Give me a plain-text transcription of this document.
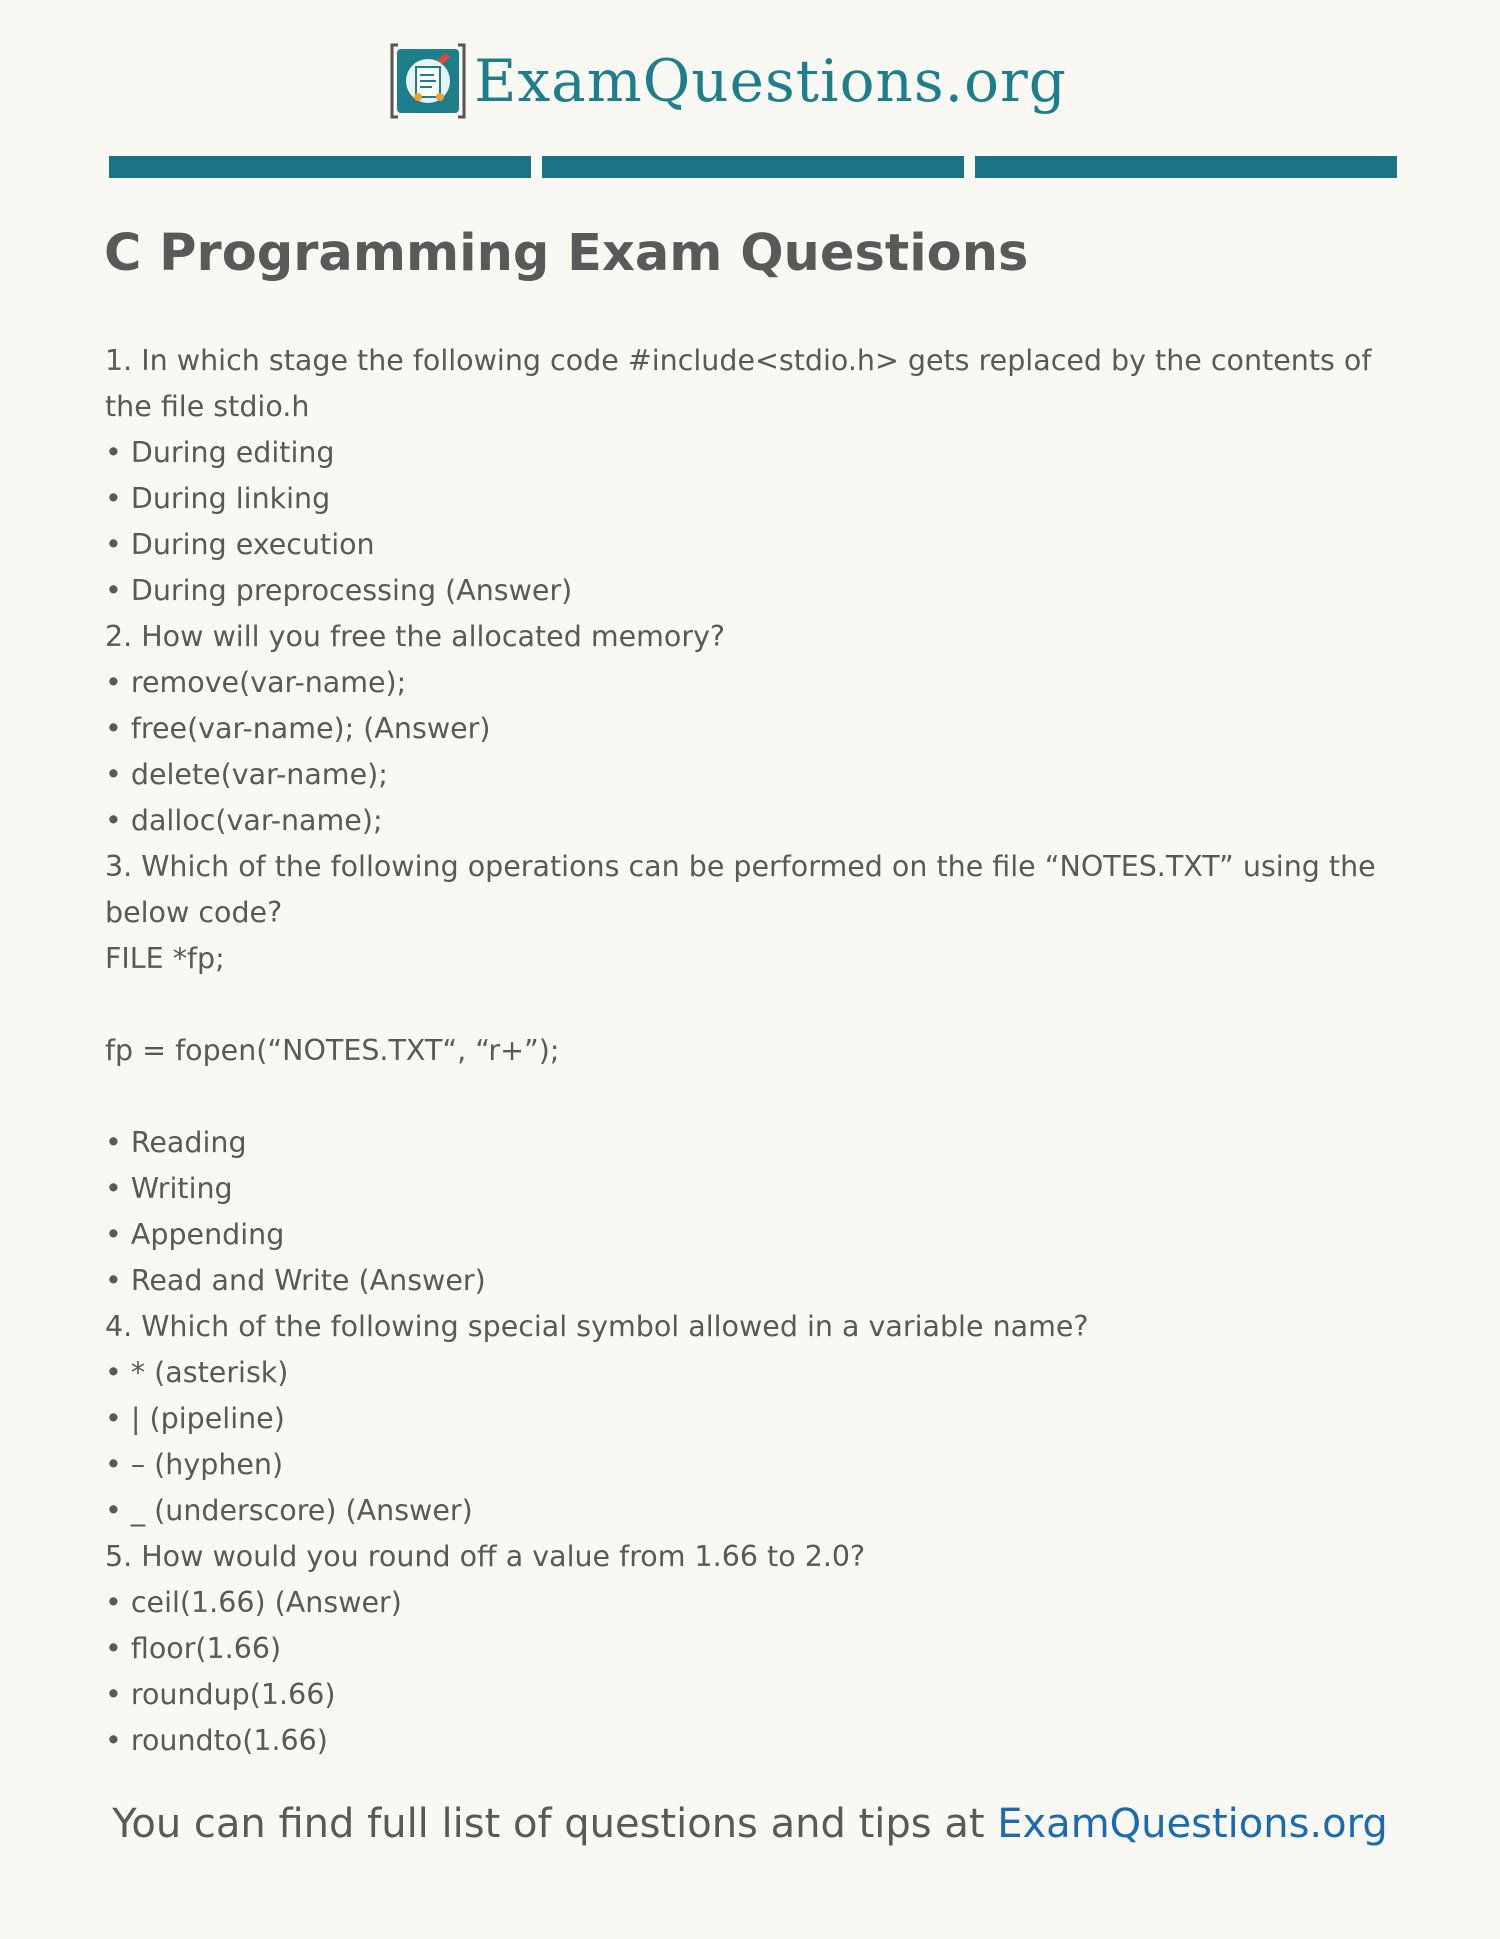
ExamQuestions.org
C Programming Exam Questions
1. In which stage the following code #include<stdio.h> gets replaced by the contents of
the file stdio.h
• During editing
• During linking
• During execution
• During preprocessing (Answer)
2. How will you free the allocated memory?
• remove(var-name);
• free(var-name); (Answer)
• delete(var-name);
• dalloc(var-name);
3. Which of the following operations can be performed on the file “NOTES.TXT” using the
below code?
FILE *fp;
fp = fopen(“NOTES.TXT“, “r+”);
• Reading
• Writing
• Appending
• Read and Write (Answer)
4. Which of the following special symbol allowed in a variable name?
• * (asterisk)
• | (pipeline)
• – (hyphen)
• _ (underscore) (Answer)
5. How would you round off a value from 1.66 to 2.0?
• ceil(1.66) (Answer)
• floor(1.66)
• roundup(1.66)
• roundto(1.66)
You can find full list of questions and tips at ExamQuestions.org
